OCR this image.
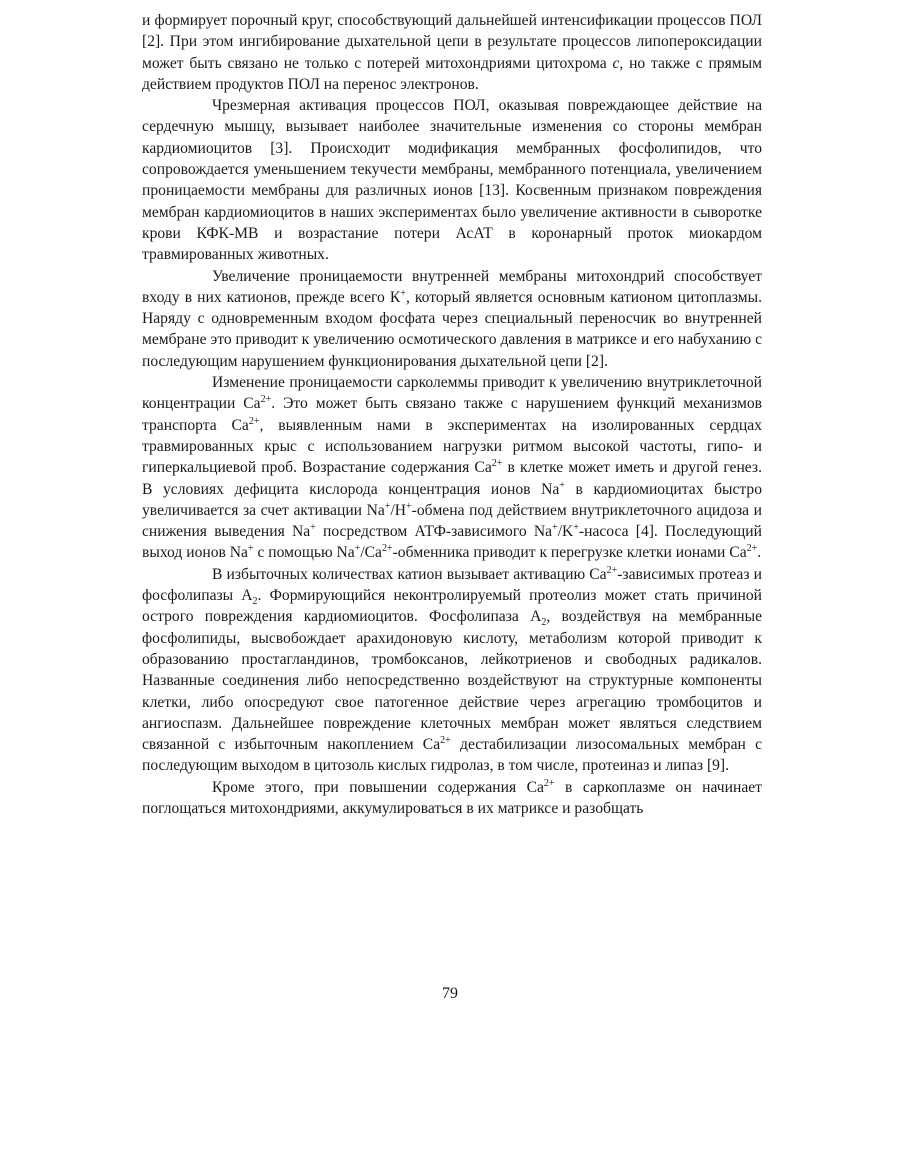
и формирует порочный круг, способствующий дальнейшей интенсификации процессов ПОЛ [2]. При этом ингибирование дыхательной цепи в результате процессов липопероксидации может быть связано не только с потерей митохондриями цитохрома с, но также с прямым действием продуктов ПОЛ на перенос электронов.

Чрезмерная активация процессов ПОЛ, оказывая повреждающее действие на сердечную мышцу, вызывает наиболее значительные изменения со стороны мембран кардиомиоцитов [3]. Происходит модификация мембранных фосфолипидов, что сопровождается уменьшением текучести мембраны, мембранного потенциала, увеличением проницаемости мембраны для различных ионов [13]. Косвенным признаком повреждения мембран кардиомиоцитов в наших экспериментах было увеличение активности в сыворотке крови КФК-МВ и возрастание потери АсАТ в коронарный проток миокардом травмированных животных.

Увеличение проницаемости внутренней мембраны митохондрий способствует входу в них катионов, прежде всего К+, который является основным катионом цитоплазмы. Наряду с одновременным входом фосфата через специальный переносчик во внутренней мембране это приводит к увеличению осмотического давления в матриксе и его набуханию с последующим нарушением функционирования дыхательной цепи [2].

Изменение проницаемости сарколеммы приводит к увеличению внутриклеточной концентрации $Са^{2+}$. Это может быть связано также с нарушением функций механизмов транспорта $Са^{2+}$, выявленным нами в экспериментах на изолированных сердцах травмированных крыс с использованием нагрузки ритмом высокой частоты, гипо- и гиперкальциевой проб. Возрастание содержания $Са^{2+}$ в клетке может иметь и другой генез. В условиях дефицита кислорода концентрация ионов Na+ в кардиомиоцитах быстро увеличивается за счет активации Na+/H+-обмена под действием внутриклеточного ацидоза и снижения выведения Na+ посредством АТФ-зависимого Na+/K+-насоса [4]. Последующий выход ионов Na+ с помощью $Na^+/Са^{2+}$-обменника приводит к перегрузке клетки ионами $Са^{2+}$.

В избыточных количествах катион вызывает активацию $Са^{2+}$-зависимых протеаз и фосфолипазы $А_2$. Формирующийся неконтролируемый протеолиз может стать причиной острого повреждения кардиомиоцитов. Фосфолипаза $А_2$, воздействуя на мембранные фосфолипиды, высвобождает арахидоновую кислоту, метаболизм которой приводит к образованию простагландинов, тромбоксанов, лейкотриенов и свободных радикалов. Названные соединения либо непосредственно воздействуют на структурные компоненты клетки, либо опосредуют свое патогенное действие через агрегацию тромбоцитов и ангиоспазм. Дальнейшее повреждение клеточных мембран может являться следствием связанной с избыточным накоплением $Са^{2+}$ дестабилизации лизосомальных мембран с последующим выходом в цитозоль кислых гидролаз, в том числе, протеиназ и липаз [9].

Кроме этого, при повышении содержания $Са^{2+}$ в саркоплазме он начинает поглощаться митохондриями, аккумулироваться в их матриксе и разобщать

79
